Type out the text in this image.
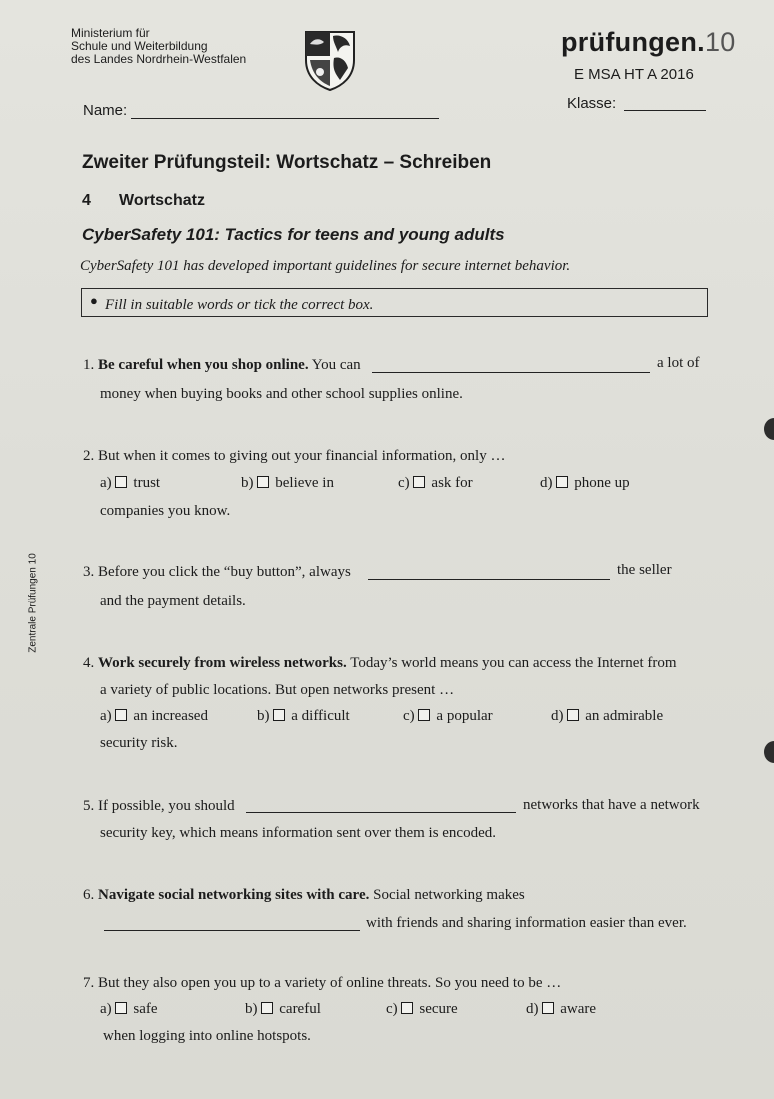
Ministerium für
Schule und Weiterbildung
des Landes Nordrhein-Westfalen
prüfungen.10
E MSA HT A 2016
Name:	Klasse:
Zweiter Prüfungsteil: Wortschatz – Schreiben
4 Wortschatz
CyberSafety 101: Tactics for teens and young adults
CyberSafety 101 has developed important guidelines for secure internet behavior.
● Fill in suitable words or tick the correct box.
1. Be careful when you shop online. You can	a lot of
money when buying books and other school supplies online.
2. But when it comes to giving out your financial information, only …
a) trust	b) believe in	c) ask for	d) phone up
companies you know.
3. Before you click the “buy button”, always	the seller
and the payment details.
4. Work securely from wireless networks. Today’s world means you can access the Internet from
a variety of public locations. But open networks present …
a) an increased	b) a difficult	c) a popular	d) an admirable
security risk.
5. If possible, you should	networks that have a network
security key, which means information sent over them is encoded.
6. Navigate social networking sites with care. Social networking makes
with friends and sharing information easier than ever.
7. But they also open you up to a variety of online threats. So you need to be …
a) safe	b) careful	c) secure	d) aware
when logging into online hotspots.
Zentrale Prüfungen 10
